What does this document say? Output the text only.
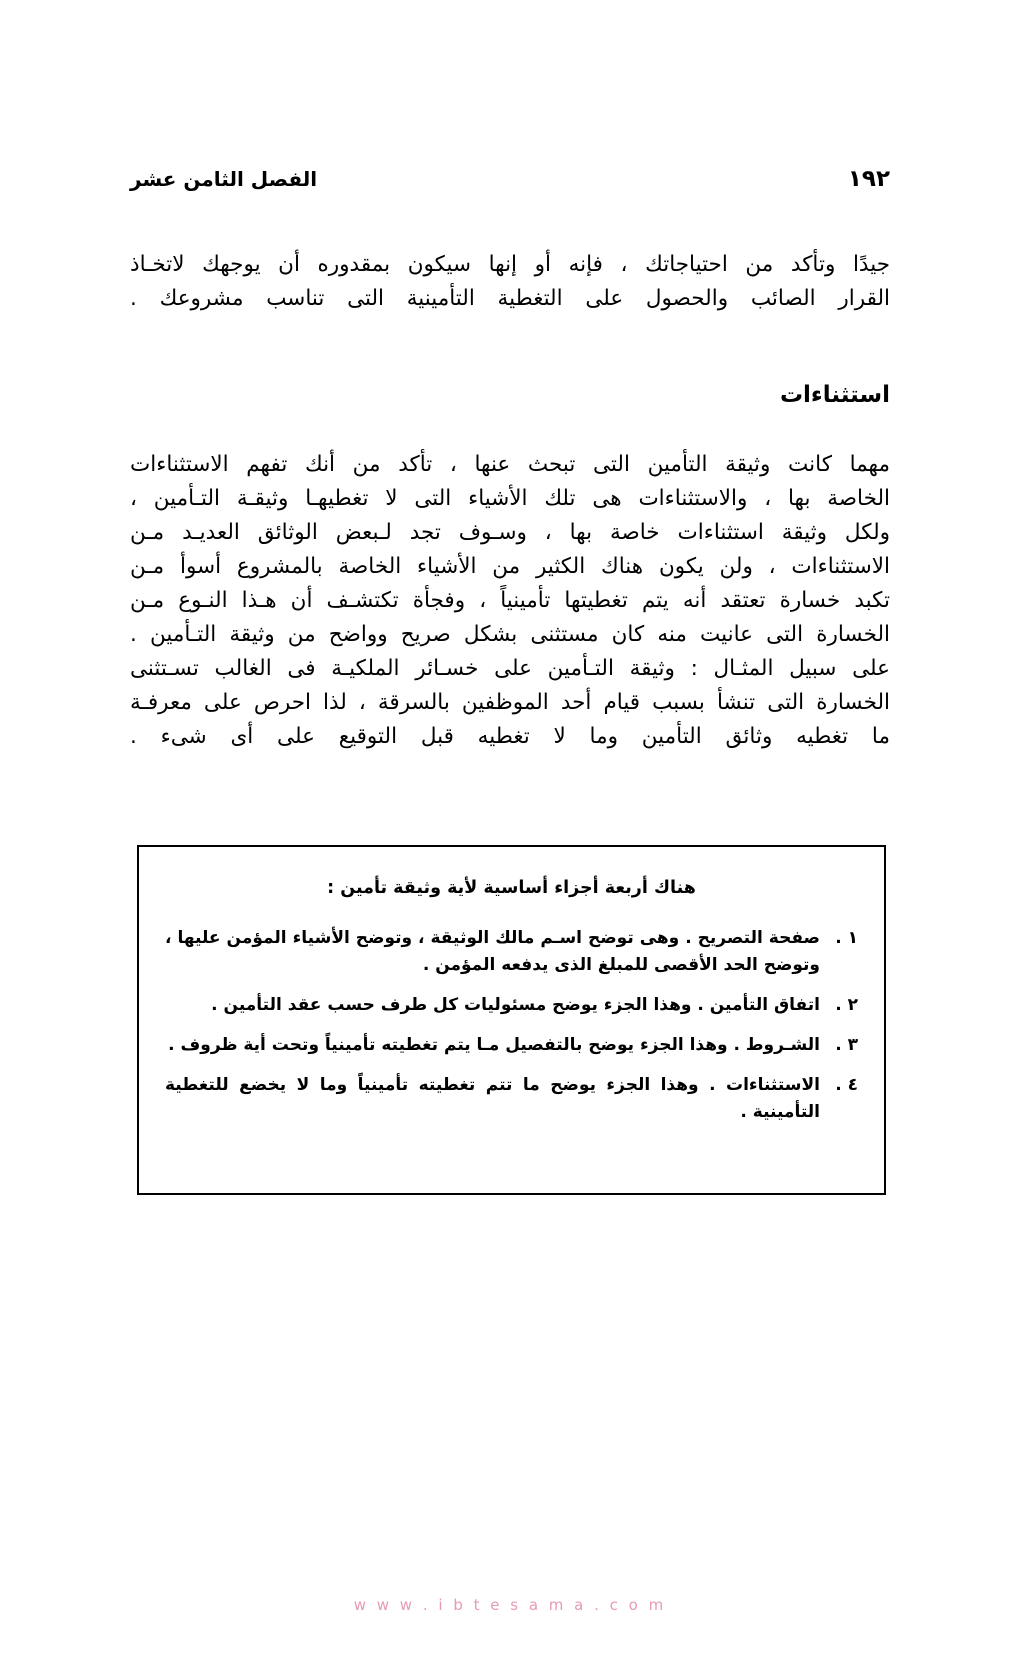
١٩٢
الفصل الثامن عشر
جيدًا وتأكد من احتياجاتك ، فإنه أو إنها سيكون بمقدوره أن يوجهك لاتخـاذ
القرار الصائب والحصول على التغطية التأمينية التى تناسب مشروعك .
استثناءات
مهما كانت وثيقة التأمين التى تبحث عنها ، تأكد من أنك تفهم الاستثناءات
الخاصة بها ، والاستثناءات هى تلك الأشياء التى لا تغطيهـا وثيقـة التـأمين ،
ولكل وثيقة استثناءات خاصة بها ، وسـوف تجد لـبعض الوثائق العديـد مـن
الاستثناءات ، ولن يكون هناك الكثير من الأشياء الخاصة بالمشروع أسوأ مـن
تكبد خسارة تعتقد أنه يتم تغطيتها تأمينياً ، وفجأة تكتشـف أن هـذا النـوع مـن
الخسارة التى عانيت منه كان مستثنى بشكل صريح وواضح من وثيقة التـأمين .
على سبيل المثـال : وثيقة التـأمين على خسـائر الملكيـة فى الغالب تسـتثنى
الخسارة التى تنشأ بسبب قيام أحد الموظفين بالسرقة ، لذا احرص على معرفـة
ما تغطيه وثائق التأمين وما لا تغطيه قبل التوقيع على أى شىء .
هناك أربعة أجزاء أساسية لأية وثيقة تأمين :
١ .
صفحة التصريح . وهى توضح اسـم مالك الوثيقة ، وتوضح الأشياء المؤمن عليها ، وتوضح الحد الأقصى للمبلغ الذى يدفعه المؤمن .
٢ .
اتفاق التأمين . وهذا الجزء يوضح مسئوليات كل طرف حسب عقد التأمين .
٣ .
الشـروط . وهذا الجزء يوضح بالتفصيل مـا يتم تغطيته تأمينياً وتحت أية ظروف .
٤ .
الاستثناءات . وهذا الجزء يوضح ما تتم تغطيته تأمينياً وما لا يخضع للتغطية التأمينية .
w w w . i b t e s a m a . c o m
